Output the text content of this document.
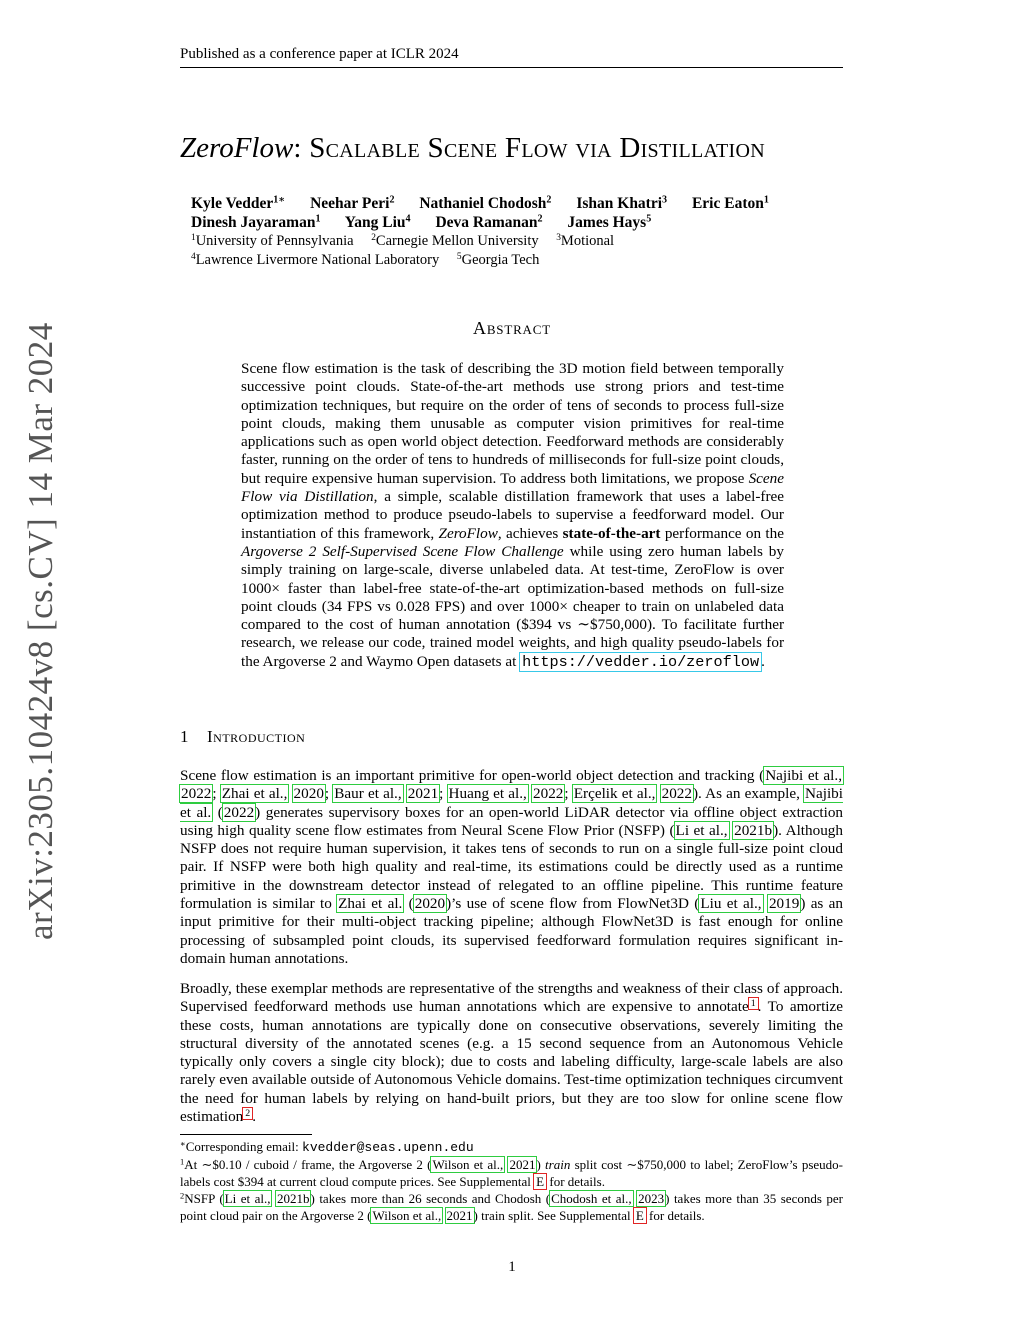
Published as a conference paper at ICLR 2024
arXiv:2305.10424v8 [cs.CV] 14 Mar 2024
ZeroFlow: Scalable Scene Flow via Distillation
Kyle Vedder$^{1∗}$ Neehar Peri$^2$ Nathaniel Chodosh$^2$ Ishan Khatri$^3$ Eric Eaton$^1$
Dinesh Jayaraman$^1$ Yang Liu$^4$ Deva Ramanan$^2$ James Hays$^5$
$^1$University of Pennsylvania $^2$Carnegie Mellon University $^3$Motional
$^4$Lawrence Livermore National Laboratory $^5$Georgia Tech
Abstract
Scene flow estimation is the task of describing the 3D motion field between temporally successive point clouds. State-of-the-art methods use strong priors and test-time optimization techniques, but require on the order of tens of seconds to process full-size point clouds, making them unusable as computer vision primitives for real-time applications such as open world object detection. Feedforward methods are considerably faster, running on the order of tens to hundreds of milliseconds for full-size point clouds, but require expensive human supervision. To address both limitations, we propose Scene Flow via Distillation, a simple, scalable distillation framework that uses a label-free optimization method to produce pseudo-labels to supervise a feedforward model. Our instantiation of this framework, ZeroFlow, achieves state-of-the-art performance on the Argoverse 2 Self-Supervised Scene Flow Challenge while using zero human labels by simply training on large-scale, diverse unlabeled data. At test-time, ZeroFlow is over 1000× faster than label-free state-of-the-art optimization-based methods on full-size point clouds (34 FPS vs 0.028 FPS) and over 1000× cheaper to train on unlabeled data compared to the cost of human annotation ($394 vs ∼$750,000). To facilitate further research, we release our code, trained model weights, and high quality pseudo-labels for the Argoverse 2 and Waymo Open datasets at https://vedder.io/zeroflow .
1 Introduction
Scene flow estimation is an important primitive for open-world object detection and tracking (Najibi et al., 2022; Zhai et al., 2020; Baur et al., 2021; Huang et al., 2022; Erçelik et al., 2022). As an example, Najibi et al. (2022) generates supervisory boxes for an open-world LiDAR detector via offline object extraction using high quality scene flow estimates from Neural Scene Flow Prior (NSFP) (Li et al., 2021b). Although NSFP does not require human supervision, it takes tens of seconds to run on a single full-size point cloud pair. If NSFP were both high quality and real-time, its estimations could be directly used as a runtime primitive in the downstream detector instead of relegated to an offline pipeline. This runtime feature formulation is similar to Zhai et al. (2020)’s use of scene flow from FlowNet3D (Liu et al., 2019) as an input primitive for their multi-object tracking pipeline; although FlowNet3D is fast enough for online processing of subsampled point clouds, its supervised feedforward formulation requires significant in-domain human annotations.
Broadly, these exemplar methods are representative of the strengths and weakness of their class of approach. Supervised feedforward methods use human annotations which are expensive to annotate $^1$ . To amortize these costs, human annotations are typically done on consecutive observations, severely limiting the structural diversity of the annotated scenes (e.g. a 15 second sequence from an Autonomous Vehicle typically only covers a single city block); due to costs and labeling difficulty, large-scale labels are also rarely even available outside of Autonomous Vehicle domains. Test-time optimization techniques circumvent the need for human labels by relying on hand-built priors, but they are too slow for online scene flow estimation $^2$ .
∗Corresponding email: kvedder@seas.upenn.edu
$^1$At ∼$0.10 / cuboid / frame, the Argoverse 2 (Wilson et al., 2021) train split cost ∼$750,000 to label; ZeroFlow’s pseudo-labels cost $394 at current cloud compute prices. See Supplemental E for details.
$^2$NSFP (Li et al., 2021b) takes more than 26 seconds and Chodosh (Chodosh et al., 2023) takes more than 35 seconds per point cloud pair on the Argoverse 2 (Wilson et al., 2021) train split. See Supplemental E for details.
1
